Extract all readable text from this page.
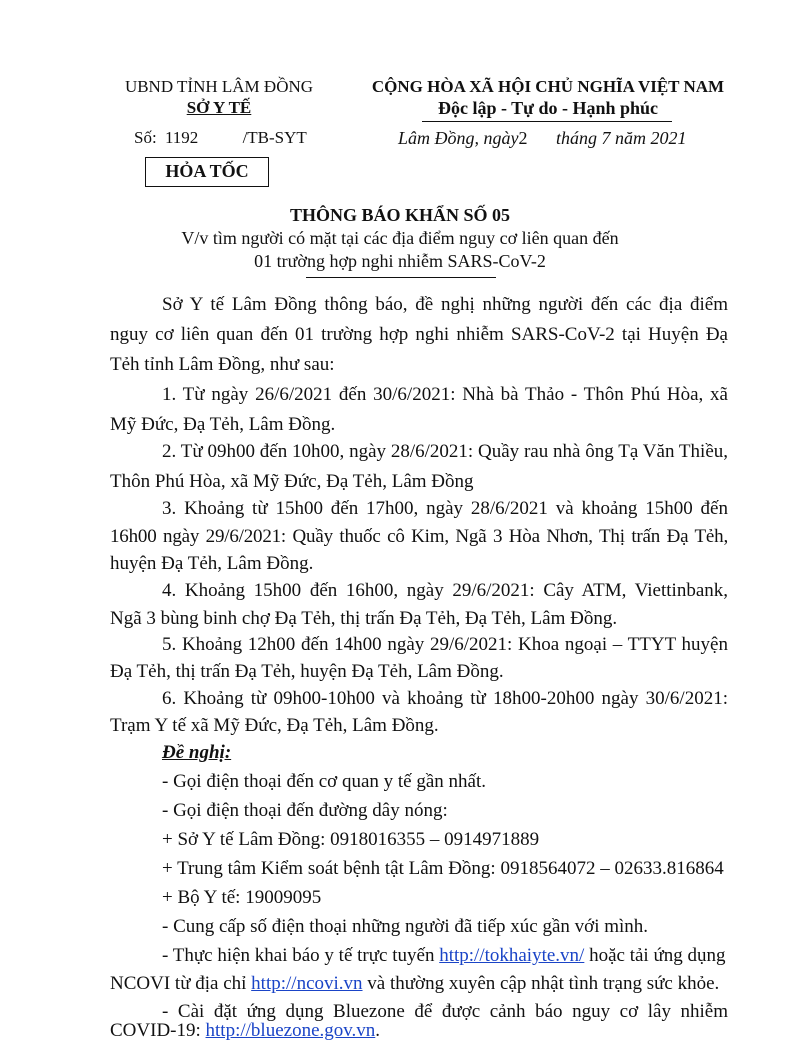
UBND TỈNH LÂM ĐỒNG
SỞ Y TẾ
Số: 1192	/TB-SYT
HỎA TỐC
CỘNG HÒA XÃ HỘI CHỦ NGHĨA VIỆT NAM
Độc lập - Tự do - Hạnh phúc
Lâm Đồng, ngày2 tháng 7 năm 2021
THÔNG BÁO KHẨN SỐ 05
V/v tìm người có mặt tại các địa điểm nguy cơ liên quan đến
01 trường hợp nghi nhiễm SARS-CoV-2
Sở Y tế Lâm Đồng thông báo, đề nghị những người đến các địa điểm
nguy cơ liên quan đến 01 trường hợp nghi nhiễm SARS-CoV-2 tại Huyện Đạ
Tẻh tỉnh Lâm Đồng, như sau:
1. Từ ngày 26/6/2021 đến 30/6/2021: Nhà bà Thảo - Thôn Phú Hòa, xã
Mỹ Đức, Đạ Tẻh, Lâm Đồng.
2. Từ 09h00 đến 10h00, ngày 28/6/2021: Quầy rau nhà ông Tạ Văn Thiều,
Thôn Phú Hòa, xã Mỹ Đức, Đạ Tẻh, Lâm Đồng
3. Khoảng từ 15h00 đến 17h00, ngày 28/6/2021 và khoảng 15h00 đến
16h00 ngày 29/6/2021: Quầy thuốc cô Kim, Ngã 3 Hòa Nhơn, Thị trấn Đạ Tẻh,
huyện Đạ Tẻh, Lâm Đồng.
4. Khoảng 15h00 đến 16h00, ngày 29/6/2021: Cây ATM, Viettinbank,
Ngã 3 bùng binh chợ Đạ Tẻh, thị trấn Đạ Tẻh, Đạ Tẻh, Lâm Đồng.
5. Khoảng 12h00 đến 14h00 ngày 29/6/2021: Khoa ngoại – TTYT huyện
Đạ Tẻh, thị trấn Đạ Tẻh, huyện Đạ Tẻh, Lâm Đồng.
6. Khoảng từ 09h00-10h00 và khoảng từ 18h00-20h00 ngày 30/6/2021:
Trạm Y tế xã Mỹ Đức, Đạ Tẻh, Lâm Đồng.
Đề nghị:
- Gọi điện thoại đến cơ quan y tế gần nhất.
- Gọi điện thoại đến đường dây nóng:
+ Sở Y tế Lâm Đồng: 0918016355 – 0914971889
+ Trung tâm Kiểm soát bệnh tật Lâm Đồng: 0918564072 – 02633.816864
+ Bộ Y tế: 19009095
- Cung cấp số điện thoại những người đã tiếp xúc gần với mình.
- Thực hiện khai báo y tế trực tuyến http://tokhaiyte.vn/ hoặc tải ứng dụng
NCOVI từ địa chỉ http://ncovi.vn và thường xuyên cập nhật tình trạng sức khỏe.
- Cài đặt ứng dụng Bluezone để được cảnh báo nguy cơ lây nhiễm
COVID-19: http://bluezone.gov.vn.
